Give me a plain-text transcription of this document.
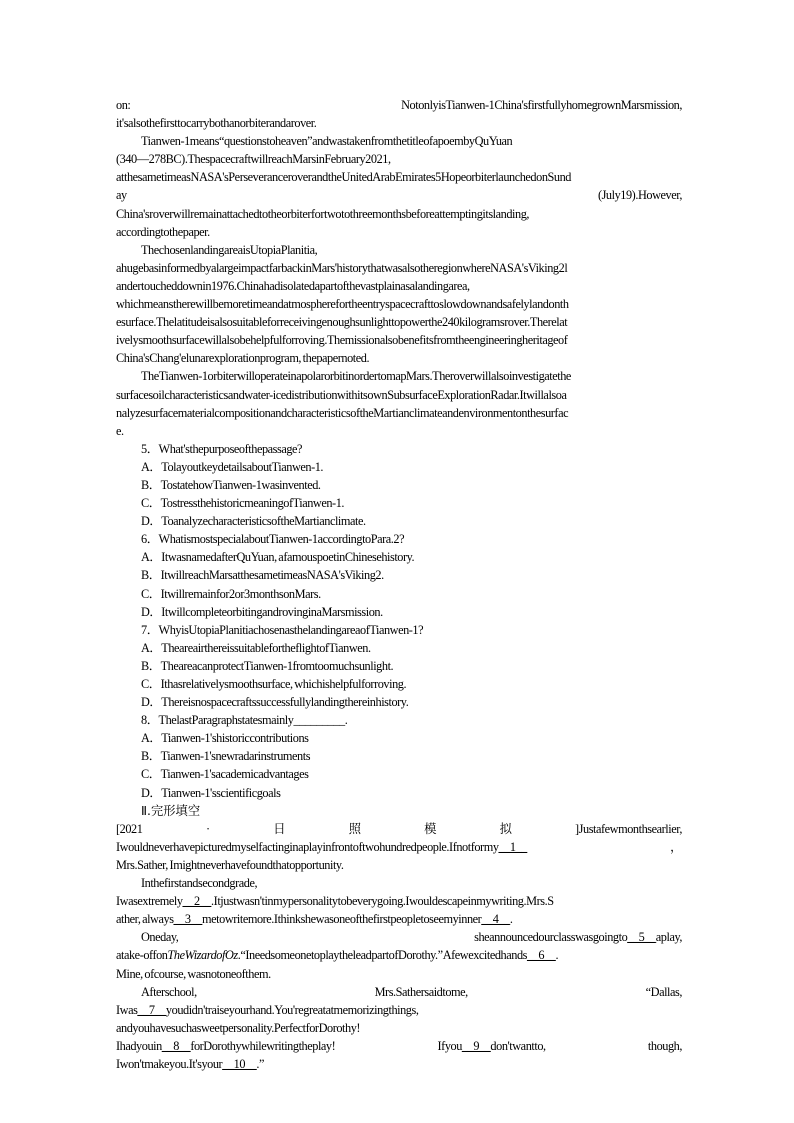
on:	NotonlyisTianwen-1China'sfirstfullyhomegrownMarsmission,
it'salsothefirsttocarrybothanorbiterandarover.
Tianwen-1means“questionstoheaven”andwastakenfromthetitleofapoembyQuYuan
(340—278BC).ThespacecraftwillreachMarsinFebruary2021,
atthesametimeasNASA'sPerseveranceroverandtheUnitedArabEmirates5HopeorbiterlaunchedonSund
ay	(July19).However,
China'sroverwillremainattachedtotheorbiterfortwotothreemonthsbeforeattemptingitslanding,
accordingtothepaper.
ThechosenlandingareaisUtopiaPlanitia,
ahugebasinformedbyalargeimpactfarbackinMars'historythatwasalsotheregionwhereNASA'sViking2l
andertoucheddownin1976.Chinahadisolatedapartofthevastplainasalandingarea,
whichmeanstherewillbemoretimeandatmospherefortheentryspacecrafttoslowdownandsafelylandonth
esurface.Thelatitudeisalsosuitableforreceivingenoughsunlighttopowerthe240kilogramsrover.Therelat
ivelysmoothsurfacewillalsobehelpfulforroving.Themissionalsobenefitsfromtheengineeringheritageof
China'sChang'elunarexplorationprogram, thepapernoted.
TheTianwen-1orbiterwilloperateinapolarorbitinordertomapMars.Theroverwillalsoinvestigatethe
surfacesoilcharacteristicsandwater-icedistributionwithitsownSubsurfaceExplorationRadar.Itwillalsoa
nalyzesurfacematerialcompositionandcharacteristicsoftheMartianclimateandenvironmentonthesurfac
e.
5．What'sthepurposeofthepassage?
A．TolayoutkeydetailsaboutTianwen-1.
B．TostatehowTianwen-1wasinvented.
C．TostressthehistoricmeaningofTianwen-1.
D．ToanalyzecharacteristicsoftheMartianclimate.
6．WhatismostspecialaboutTianwen-1accordingtoPara.2?
A．ItwasnamedafterQuYuan, afamouspoetinChinesehistory.
B．ItwillreachMarsatthesametimeasNASA'sViking2.
C．Itwillremainfor2or3monthsonMars.
D．ItwillcompleteorbitingandrovinginaMarsmission.
7．WhyisUtopiaPlanitiachosenasthelandingareaofTianwen-1?
A．TheareairthereissuitablefortheflightofTianwen.
B．TheareacanprotectTianwen-1fromtoomuchsunlight.
C．Ithasrelativelysmoothsurface, whichishelpfulforroving.
D．Thereisnospacecraftssuccessfullylandingthereinhistory.
8．ThelastParagraphstatesmainly_________.
A．Tianwen-1'shistoriccontributions
B．Tianwen-1'snewradarinstruments
C．Tianwen-1'sacademicadvantages
D．Tianwen-1'sscientificgoals
Ⅱ.完形填空
[2021	·	日	照	模	拟	]Justafewmonthsearlier,
Iwouldneverhavepicturedmyselfactinginaplayinfrontoftwohundredpeople.Ifnotformy__1__	，
Mrs.Sather, Imightneverhavefoundthatopportunity.
Inthefirstandsecondgrade,
Iwasextremely__2__.Itjustwasn'tinmypersonalitytobeverygoing.Iwouldescapeinmywriting.Mrs.S
ather, always__3__metowritemore.Ithinkshewasoneofthefirstpeopletoseemyinner__4__.
Oneday,	sheannouncedourclasswasgoingto__5__aplay,
atake-offonTheWizardofOz.“IneedsomeonetoplaytheleadpartofDorothy.”Afewexcitedhands__6__.
Mine, ofcourse, wasnotoneofthem.
Afterschool,	Mrs.Sathersaidtome,	“Dallas,
Iwas__7__youdidn'traiseyourhand.You'regreatatmemorizingthings,
andyouhavesuchasweetpersonality.PerfectforDorothy!
Ihadyouin__8__forDorothywhilewritingtheplay!	Ifyou__9__don'twantto,	though,
Iwon'tmakeyou.It'syour__10__.”
